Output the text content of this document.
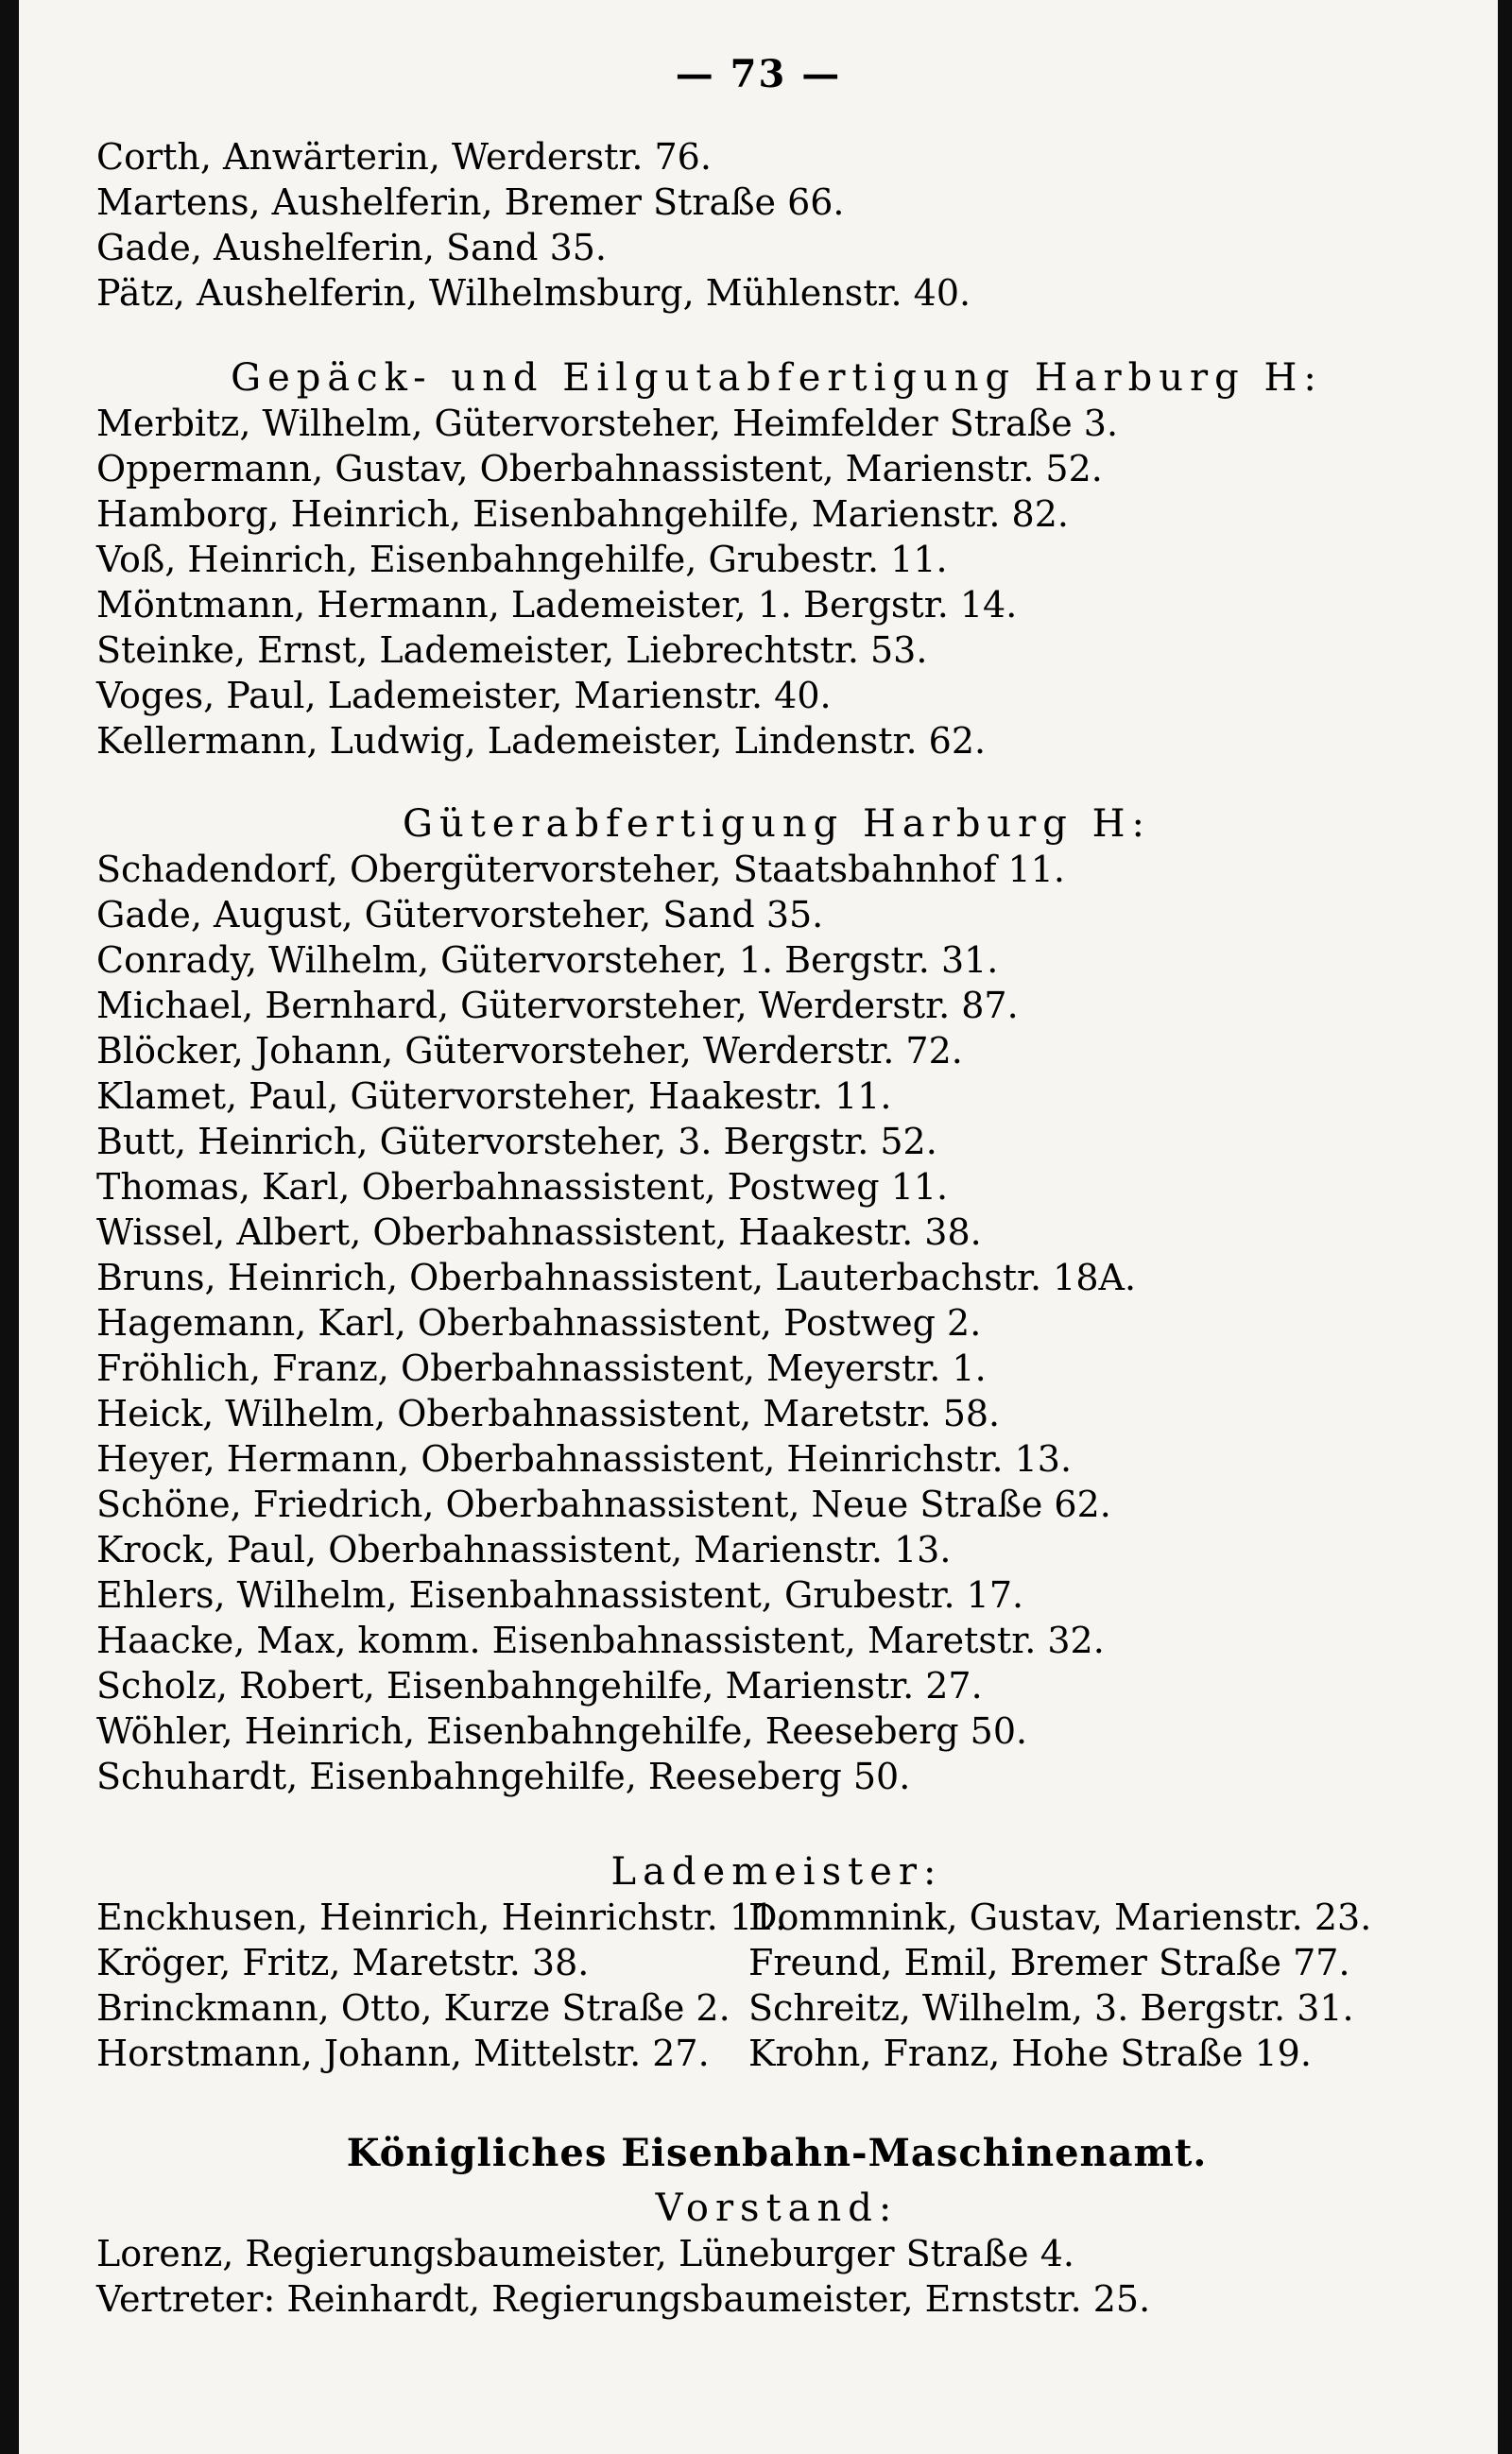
— 73 —
Corth, Anwärterin, Werderstr. 76.
Martens, Aushelferin, Bremer Straße 66.
Gade, Aushelferin, Sand 35.
Pätz, Aushelferin, Wilhelmsburg, Mühlenstr. 40.
Gepäck- und Eilgutabfertigung Harburg H:
Merbitz, Wilhelm, Gütervorsteher, Heimfelder Straße 3.
Oppermann, Gustav, Oberbahnassistent, Marienstr. 52.
Hamborg, Heinrich, Eisenbahngehilfe, Marienstr. 82.
Voß, Heinrich, Eisenbahngehilfe, Grubestr. 11.
Möntmann, Hermann, Lademeister, 1. Bergstr. 14.
Steinke, Ernst, Lademeister, Liebrechtstr. 53.
Voges, Paul, Lademeister, Marienstr. 40.
Kellermann, Ludwig, Lademeister, Lindenstr. 62.
Güterabfertigung Harburg H:
Schadendorf, Obergütervorsteher, Staatsbahnhof 11.
Gade, August, Gütervorsteher, Sand 35.
Conrady, Wilhelm, Gütervorsteher, 1. Bergstr. 31.
Michael, Bernhard, Gütervorsteher, Werderstr. 87.
Blöcker, Johann, Gütervorsteher, Werderstr. 72.
Klamet, Paul, Gütervorsteher, Haakestr. 11.
Butt, Heinrich, Gütervorsteher, 3. Bergstr. 52.
Thomas, Karl, Oberbahnassistent, Postweg 11.
Wissel, Albert, Oberbahnassistent, Haakestr. 38.
Bruns, Heinrich, Oberbahnassistent, Lauterbachstr. 18A.
Hagemann, Karl, Oberbahnassistent, Postweg 2.
Fröhlich, Franz, Oberbahnassistent, Meyerstr. 1.
Heick, Wilhelm, Oberbahnassistent, Maretstr. 58.
Heyer, Hermann, Oberbahnassistent, Heinrichstr. 13.
Schöne, Friedrich, Oberbahnassistent, Neue Straße 62.
Krock, Paul, Oberbahnassistent, Marienstr. 13.
Ehlers, Wilhelm, Eisenbahnassistent, Grubestr. 17.
Haacke, Max, komm. Eisenbahnassistent, Maretstr. 32.
Scholz, Robert, Eisenbahngehilfe, Marienstr. 27.
Wöhler, Heinrich, Eisenbahngehilfe, Reeseberg 50.
Schuhardt, Eisenbahngehilfe, Reeseberg 50.
Lademeister:
Enckhusen, Heinrich, Heinrichstr. 11.
Kröger, Fritz, Maretstr. 38.
Brinckmann, Otto, Kurze Straße 2.
Horstmann, Johann, Mittelstr. 27.
Dommnink, Gustav, Marienstr. 23.
Freund, Emil, Bremer Straße 77.
Schreitz, Wilhelm, 3. Bergstr. 31.
Krohn, Franz, Hohe Straße 19.
Königliches Eisenbahn-Maschinenamt.
Vorstand:
Lorenz, Regierungsbaumeister, Lüneburger Straße 4.
Vertreter: Reinhardt, Regierungsbaumeister, Ernststr. 25.
